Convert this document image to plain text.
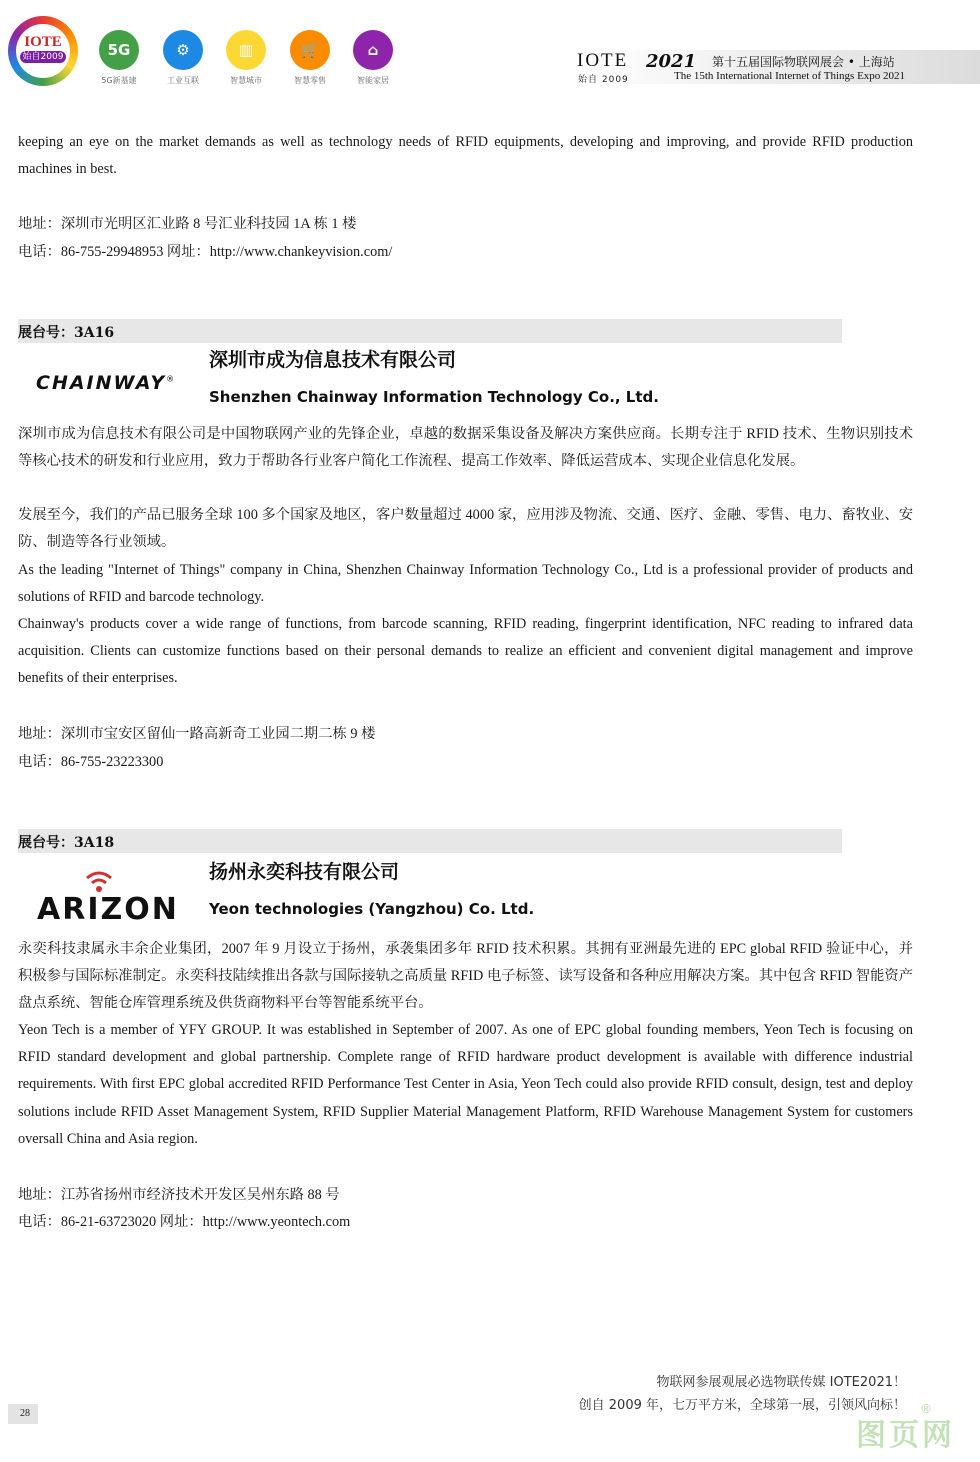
IOTE
始自2009	5G
5G新基建
⚙
工业互联
▥
智慧城市
🛒
智慧零售
⌂
智能家居
IOTE
始自 2009
2021 第十五届国际物联网展会 • 上海站
The 15th International Internet of Things Expo 2021

keeping an eye on the market demands as well as technology needs of RFID equipments, developing and improving, and provide RFID production machines in best.

地址：深圳市光明区汇业路 8 号汇业科技园 1A 栋 1 楼

电话：86-755-29948953 网址：http://www.chankeyvision.com/

展台号：3A16
CHAINWAY®
深圳市成为信息技术有限公司
Shenzhen Chainway Information Technology Co., Ltd.

深圳市成为信息技术有限公司是中国物联网产业的先锋企业，卓越的数据采集设备及解决方案供应商。长期专注于 RFID 技术、生物识别技术等核心技术的研发和行业应用，致力于帮助各行业客户简化工作流程、提高工作效率、降低运营成本、实现企业信息化发展。

发展至今，我们的产品已服务全球 100 多个国家及地区，客户数量超过 4000 家，应用涉及物流、交通、医疗、金融、零售、电力、畜牧业、安防、制造等各行业领域。

As the leading "Internet of Things" company in China, Shenzhen Chainway Information Technology Co., Ltd is a professional provider of products and solutions of RFID and barcode technology.

Chainway's products cover a wide range of functions, from barcode scanning, RFID reading, fingerprint identification, NFC reading to infrared data acquisition. Clients can customize functions based on their personal demands to realize an efficient and convenient digital management and improve benefits of their enterprises.

地址：深圳市宝安区留仙一路高新奇工业园二期二栋 9 楼

电话：86-755-23223300

展台号：3A18
ARIZON
扬州永奕科技有限公司
Yeon technologies (Yangzhou) Co. Ltd.

永奕科技隶属永丰余企业集团，2007 年 9 月设立于扬州，承袭集团多年 RFID 技术积累。其拥有亚洲最先进的 EPC global RFID 验证中心，并积极参与国际标准制定。永奕科技陆续推出各款与国际接轨之高质量 RFID 电子标签、读写设备和各种应用解决方案。其中包含 RFID 智能资产盘点系统、智能仓库管理系统及供货商物料平台等智能系统平台。

Yeon Tech is a member of YFY GROUP. It was established in September of 2007. As one of EPC global founding members, Yeon Tech is focusing on RFID standard development and global partnership. Complete range of RFID hardware product development is available with difference industrial requirements. With first EPC global accredited RFID Performance Test Center in Asia, Yeon Tech could also provide RFID consult, design, test and deploy solutions include RFID Asset Management System, RFID Supplier Material Management Platform, RFID Warehouse Management System for customers oversall China and Asia region.

地址：江苏省扬州市经济技术开发区吴州东路 88 号

电话：86-21-63723020 网址：http://www.yeontech.com

物联网参展观展必选物联传媒 IOTE2021！
创自 2009 年，七万平方米，全球第一展，引领风向标！
28
图页网
®
